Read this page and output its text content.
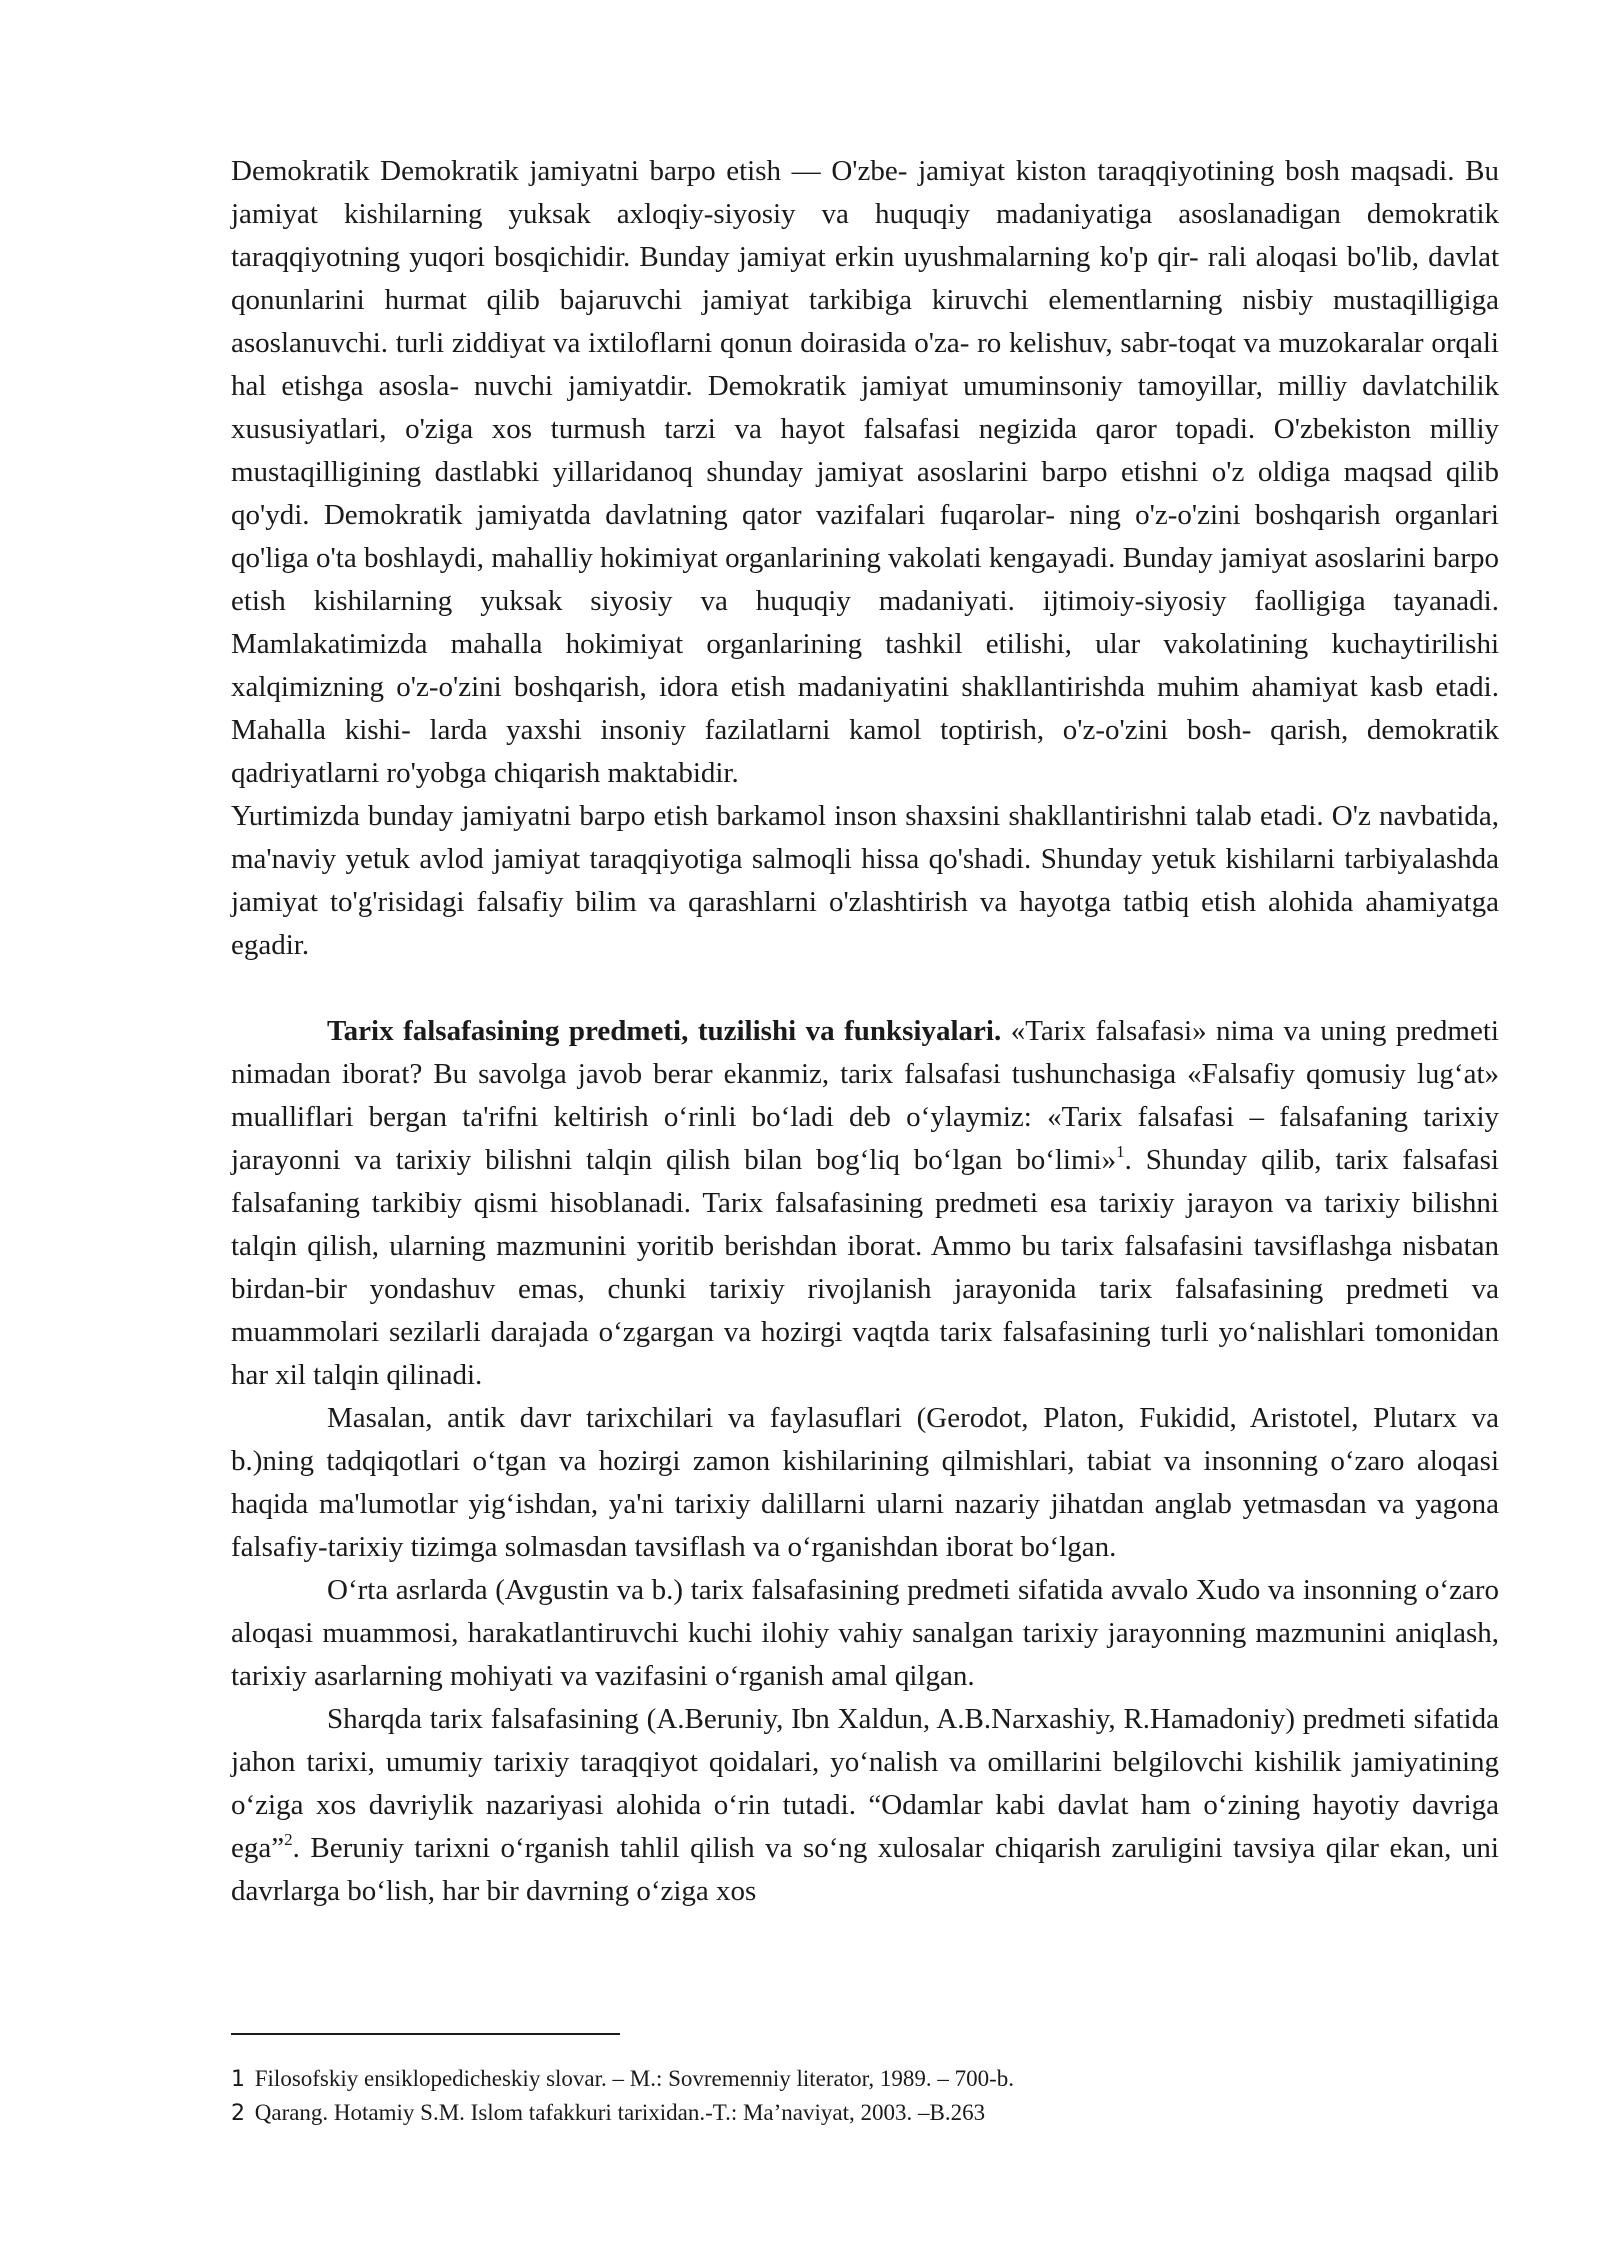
Demokratik Demokratik jamiyatni barpo etish — O'zbe- jamiyat kiston taraqqiyotining bosh maqsadi. Bu jamiyat kishilarning yuksak axloqiy-siyosiy va huquqiy madaniyatiga asoslanadigan demokratik taraqqiyotning yuqori bosqichidir. Bunday jamiyat erkin uyushmalarning ko'p qir- rali aloqasi bo'lib, davlat qonunlarini hurmat qilib bajaruvchi jamiyat tarkibiga kiruvchi elementlarning nisbiy mustaqilligiga asoslanuvchi. turli ziddiyat va ixtiloflarni qonun doirasida o'za- ro kelishuv, sabr-toqat va muzokaralar orqali hal etishga asosla- nuvchi jamiyatdir. Demokratik jamiyat umuminsoniy tamoyillar, milliy davlatchilik xususiyatlari, o'ziga xos turmush tarzi va hayot falsafasi negizida qaror topadi. O'zbekiston milliy mustaqilligining dastlabki yillaridanoq shunday jamiyat asoslarini barpo etishni o'z oldiga maqsad qilib qo'ydi. Demokratik jamiyatda davlatning qator vazifalari fuqarolar- ning o'z-o'zini boshqarish organlari qo'liga o'ta boshlaydi, mahalliy hokimiyat organlarining vakolati kengayadi. Bunday jamiyat asoslarini barpo etish kishilarning yuksak siyosiy va huquqiy madaniyati. ijtimoiy-siyosiy faolligiga tayanadi. Mamlakatimizda mahalla hokimiyat organlarining tashkil etilishi, ular vakolatining kuchaytirilishi xalqimizning o'z-o'zini boshqarish, idora etish madaniyatini shakllantirishda muhim ahamiyat kasb etadi. Mahalla kishi- larda yaxshi insoniy fazilatlarni kamol toptirish, o'z-o'zini bosh- qarish, demokratik qadriyatlarni ro'yobga chiqarish maktabidir.

Yurtimizda bunday jamiyatni barpo etish barkamol inson shaxsini shakllantirishni talab etadi. O'z navbatida, ma'naviy yetuk avlod jamiyat taraqqiyotiga salmoqli hissa qo'shadi. Shunday yetuk kishilarni tarbiyalashda jamiyat to'g'risidagi falsafiy bilim va qarashlarni o'zlashtirish va hayotga tatbiq etish alohida ahamiyatga egadir.

Tarix falsafasining predmeti, tuzilishi va funksiyalari. «Tarix falsafasi» nima va uning predmeti nimadan iborat? Bu savolga javob berar ekanmiz, tarix falsafasi tushunchasiga «Falsafiy qomusiy lug‘at» mualliflari bergan ta'rifni keltirish o‘rinli bo‘ladi deb o‘ylaymiz: «Tarix falsafasi – falsafaning tarixiy jarayonni va tarixiy bilishni talqin qilish bilan bog‘liq bo‘lgan bo‘limi»$^1$. Shunday qilib, tarix falsafasi falsafaning tarkibiy qismi hisoblanadi. Tarix falsafasining predmeti esa tarixiy jarayon va tarixiy bilishni talqin qilish, ularning mazmunini yoritib berishdan iborat. Ammo bu tarix falsafasini tavsiflashga nisbatan birdan-bir yondashuv emas, chunki tarixiy rivojlanish jarayonida tarix falsafasining predmeti va muammolari sezilarli darajada o‘zgargan va hozirgi vaqtda tarix falsafasining turli yo‘nalishlari tomonidan har xil talqin qilinadi.

Masalan, antik davr tarixchilari va faylasuflari (Gerodot, Platon, Fukidid, Aristotel, Plutarx va b.)ning tadqiqotlari o‘tgan va hozirgi zamon kishilarining qilmishlari, tabiat va insonning o‘zaro aloqasi haqida ma'lumotlar yig‘ishdan, ya'ni tarixiy dalillarni ularni nazariy jihatdan anglab yetmasdan va yagona falsafiy-tarixiy tizimga solmasdan tavsiflash va o‘rganishdan iborat bo‘lgan.

O‘rta asrlarda (Avgustin va b.) tarix falsafasining predmeti sifatida avvalo Xudo va insonning o‘zaro aloqasi muammosi, harakatlantiruvchi kuchi ilohiy vahiy sanalgan tarixiy jarayonning mazmunini aniqlash, tarixiy asarlarning mohiyati va vazifasini o‘rganish amal qilgan.

Sharqda tarix falsafasining (A.Beruniy, Ibn Xaldun, A.B.Narxashiy, R.Hamadoniy) predmeti sifatida jahon tarixi, umumiy tarixiy taraqqiyot qoidalari, yo‘nalish va omillarini belgilovchi kishilik jamiyatining o‘ziga xos davriylik nazariyasi alohida o‘rin tutadi. “Odamlar kabi davlat ham o‘zining hayotiy davriga ega”$^2$. Beruniy tarixni o‘rganish tahlil qilish va so‘ng xulosalar chiqarish zaruligini tavsiya qilar ekan, uni davrlarga bo‘lish, har bir davrning o‘ziga xos

1 Filosofskiy ensiklopedicheskiy slovar. – M.: Sovremenniy literator, 1989. – 700-b.
2 Qarang. Hotamiy S.M. Islom tafakkuri tarixidan.-T.: Ma’naviyat, 2003. –B.263
